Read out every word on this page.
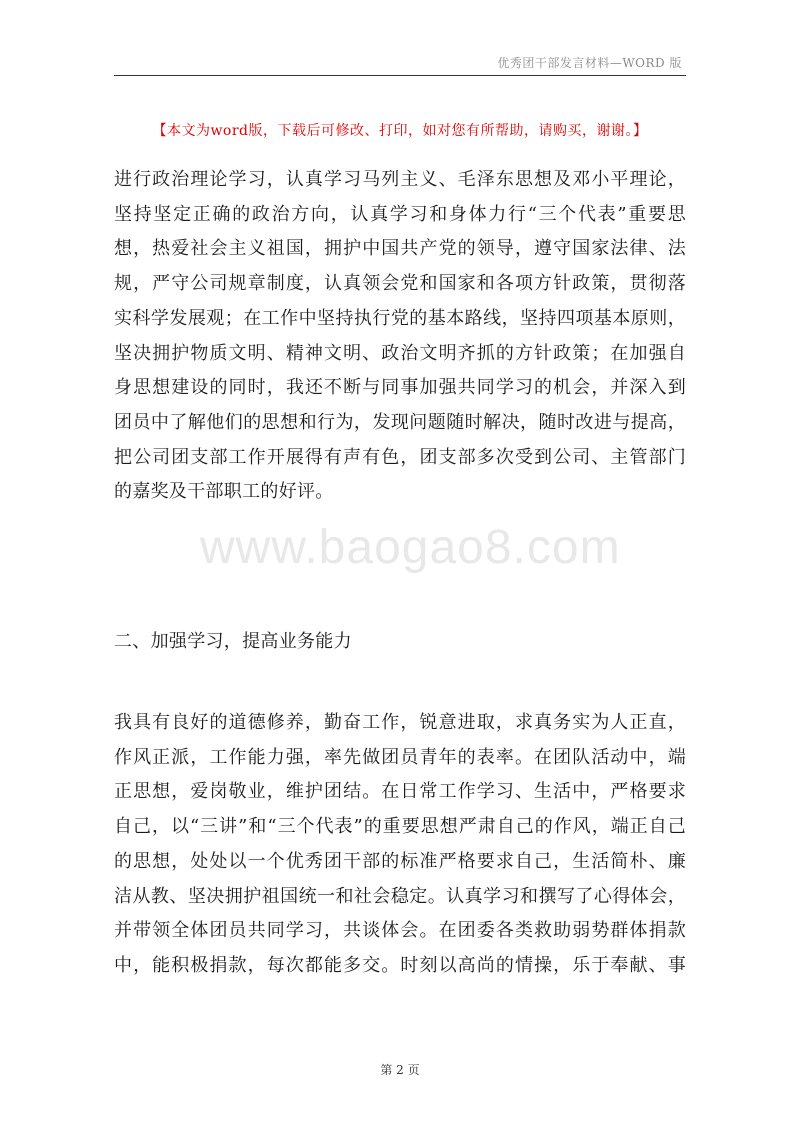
优秀团干部发言材料—WORD 版
【本文为word版，下载后可修改、打印，如对您有所帮助，请购买，谢谢。】
进行政治理论学习，认真学习马列主义、毛泽东思想及邓小平理论，
坚持坚定正确的政治方向，认真学习和身体力行“三个代表”重要思
想，热爱社会主义祖国，拥护中国共产党的领导，遵守国家法律、法
规，严守公司规章制度，认真领会党和国家和各项方针政策，贯彻落
实科学发展观；在工作中坚持执行党的基本路线，坚持四项基本原则，
坚决拥护物质文明、精神文明、政治文明齐抓的方针政策；在加强自
身思想建设的同时，我还不断与同事加强共同学习的机会，并深入到
团员中了解他们的思想和行为，发现问题随时解决，随时改进与提高，
把公司团支部工作开展得有声有色，团支部多次受到公司、主管部门
的嘉奖及干部职工的好评。
www.baogao8.com
二、加强学习，提高业务能力
我具有良好的道德修养，勤奋工作，锐意进取，求真务实为人正直，
作风正派，工作能力强，率先做团员青年的表率。在团队活动中，端
正思想，爱岗敬业，维护团结。在日常工作学习、生活中，严格要求
自己，以“三讲”和“三个代表”的重要思想严肃自己的作风，端正自己
的思想，处处以一个优秀团干部的标准严格要求自己，生活简朴、廉
洁从教、坚决拥护祖国统一和社会稳定。认真学习和撰写了心得体会，
并带领全体团员共同学习，共谈体会。在团委各类救助弱势群体捐款
中，能积极捐款，每次都能多交。时刻以高尚的情操，乐于奉献、事
第 2 页
